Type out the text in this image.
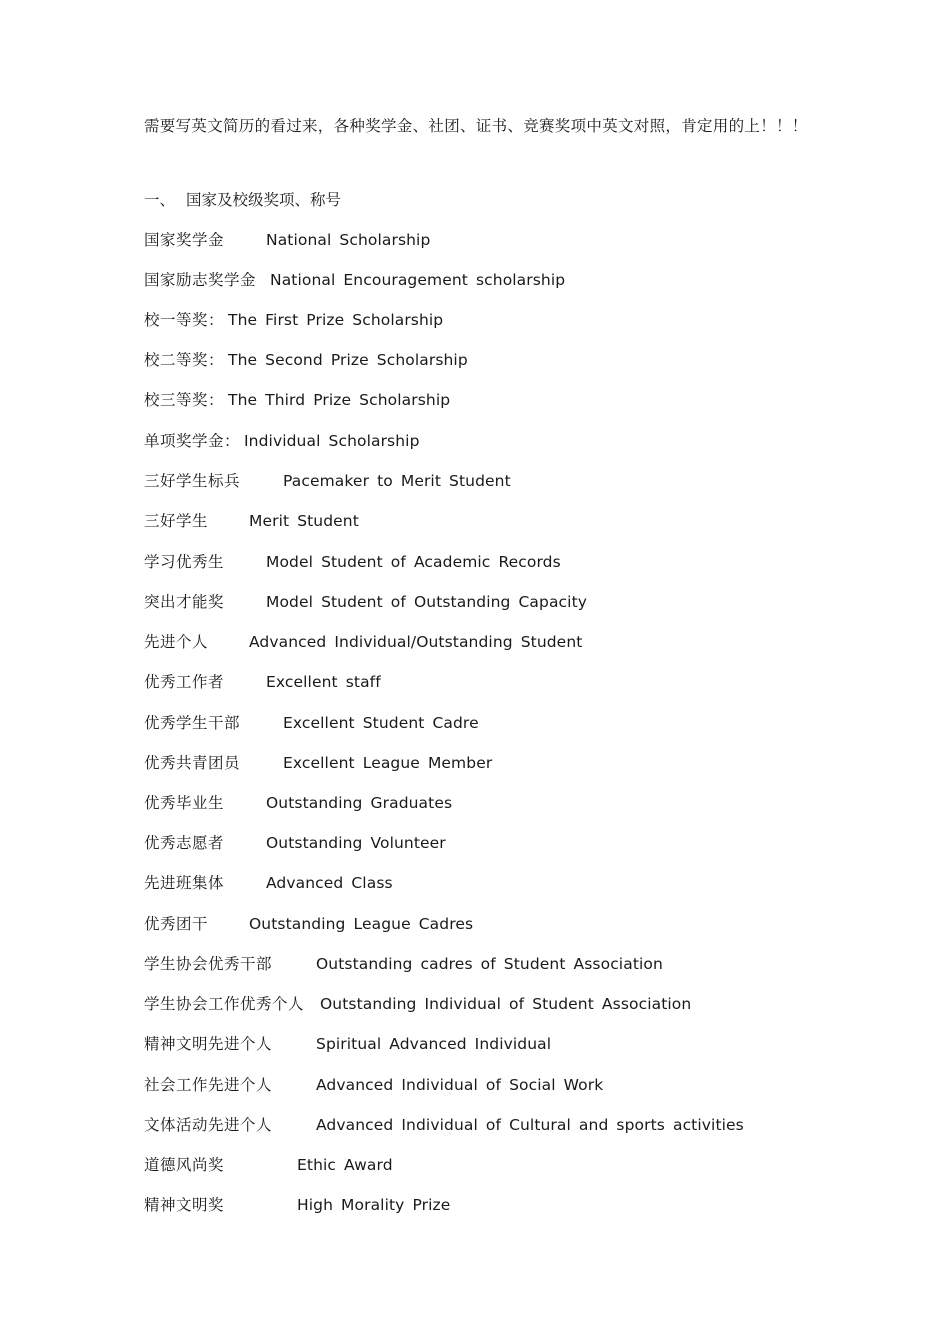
需要写英文简历的看过来，各种奖学金、社团、证书、竞赛奖项中英文对照，肯定用的上！！！
一、 国家及校级奖项、称号
国家奖学金	National Scholarship
国家励志奖学金 National Encouragement scholarship
校一等奖： The First Prize Scholarship
校二等奖： The Second Prize Scholarship
校三等奖： The Third Prize Scholarship
单项奖学金： Individual Scholarship
三好学生标兵	Pacemaker to Merit Student
三好学生	Merit Student
学习优秀生	Model Student of Academic Records
突出才能奖	Model Student of Outstanding Capacity
先进个人	Advanced Individual/Outstanding Student
优秀工作者	Excellent staff
优秀学生干部	Excellent Student Cadre
优秀共青团员	Excellent League Member
优秀毕业生	Outstanding Graduates
优秀志愿者	Outstanding Volunteer
先进班集体	Advanced Class
优秀团干	Outstanding League Cadres
学生协会优秀干部	Outstanding cadres of Student Association
学生协会工作优秀个人 Outstanding Individual of Student Association
精神文明先进个人	Spiritual Advanced Individual
社会工作先进个人	Advanced Individual of Social Work
文体活动先进个人	Advanced Individual of Cultural and sports activities
道德风尚奖	Ethic Award
精神文明奖	High Morality Prize
